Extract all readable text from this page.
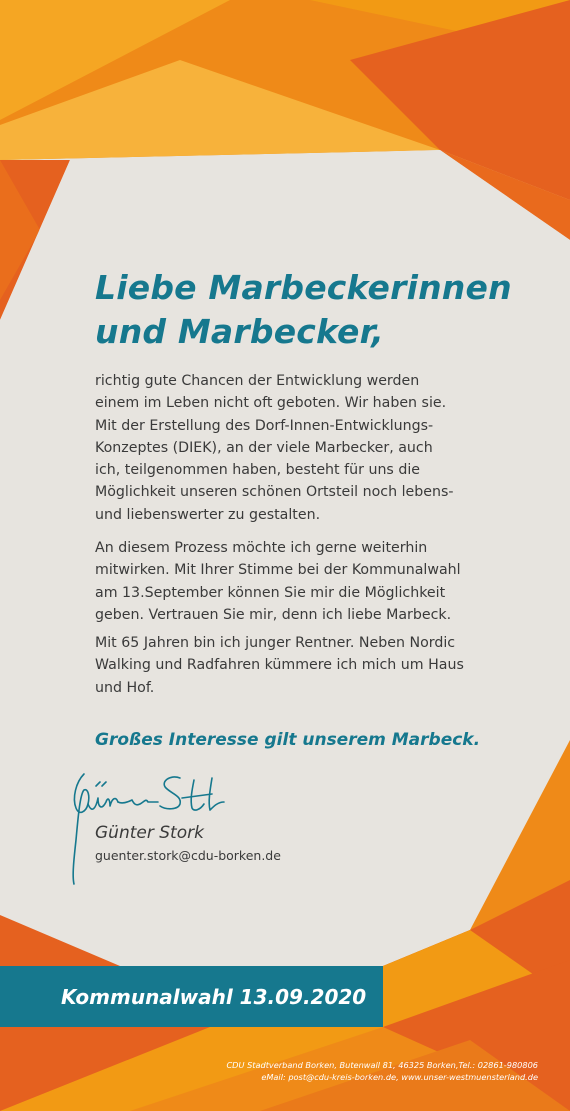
Liebe Marbeckerinnen
und Marbecker,

richtig gute Chancen der Entwicklung werden
einem im Leben nicht oft geboten. Wir haben sie.
Mit der Erstellung des Dorf-Innen-Entwicklungs-
Konzeptes (DIEK), an der viele Marbecker, auch
ich, teilgenommen haben, besteht für uns die
Möglichkeit unseren schönen Ortsteil noch lebens-
und liebenswerter zu gestalten.

An diesem Prozess möchte ich gerne weiterhin
mitwirken. Mit Ihrer Stimme bei der Kommunalwahl
am 13.September können Sie mir die Möglichkeit
geben. Vertrauen Sie mir, denn ich liebe Marbeck.

Mit 65 Jahren bin ich junger Rentner. Neben Nordic
Walking und Radfahren kümmere ich mich um Haus
und Hof.

Großes Interesse gilt unserem Marbeck.

Günter Stork
guenter.stork@cdu-borken.de
Kommunalwahl 13.09.2020
CDU Stadtverband Borken, Butenwall 81, 46325 Borken,Tel.: 02861-980806
eMail: post@cdu-kreis-borken.de, www.unser-westmuensterland.de
